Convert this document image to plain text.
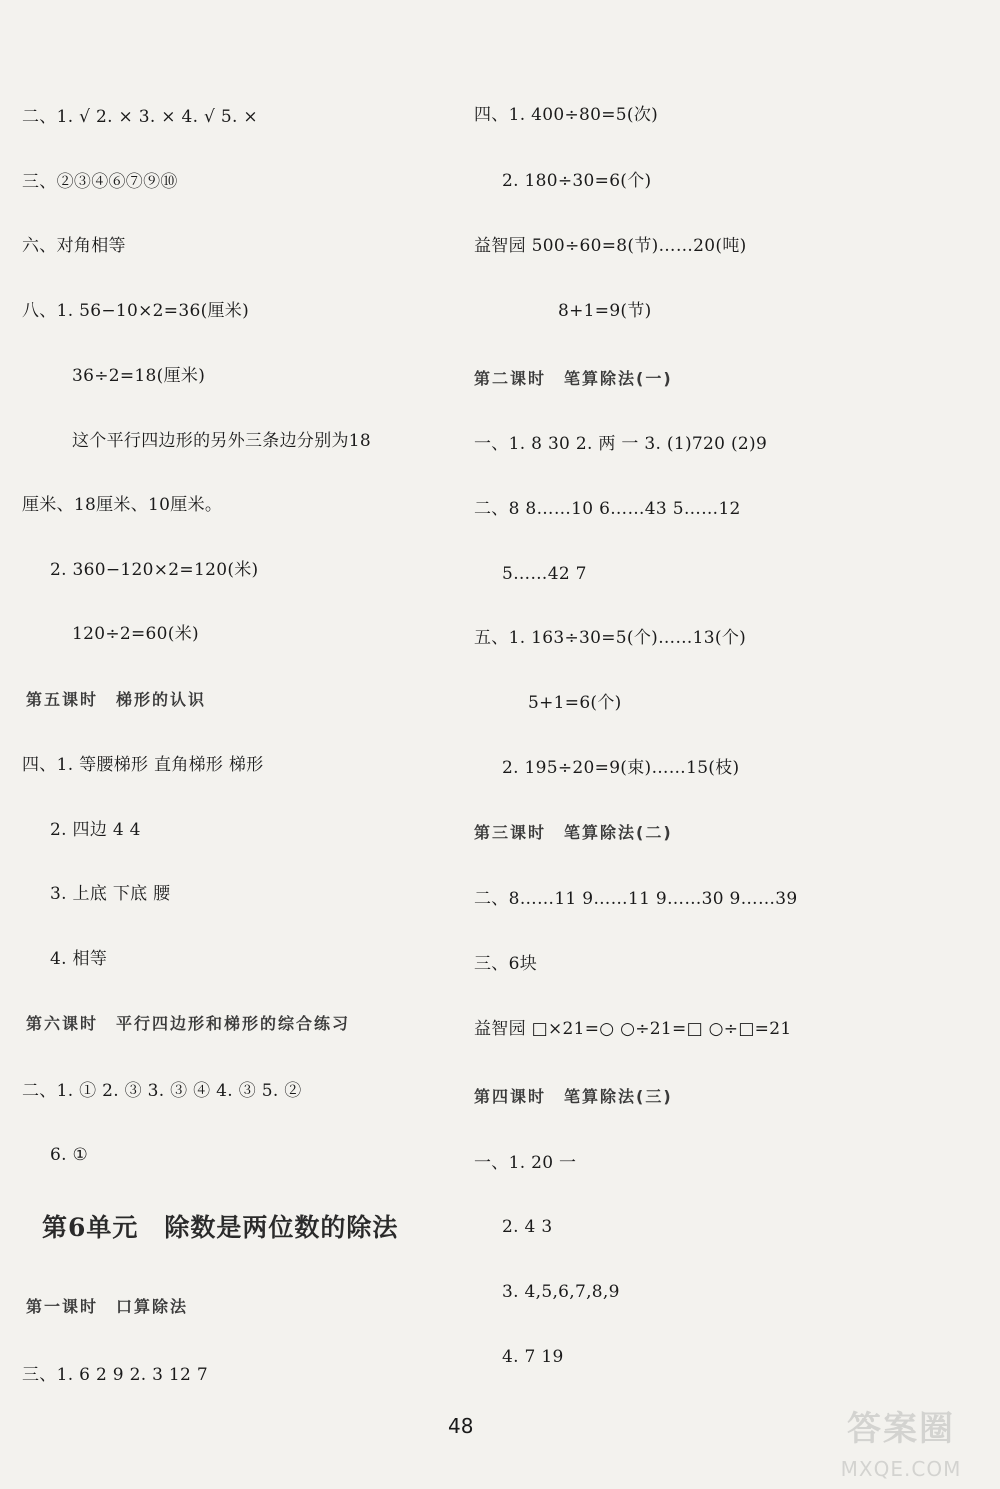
二、1. √ 2. × 3. × 4. √ 5. ×
三、②③④⑥⑦⑨⑩
六、对角相等
八、1. 56−10×2=36(厘米)
36÷2=18(厘米)
这个平行四边形的另外三条边分别为18
厘米、18厘米、10厘米。
2. 360−120×2=120(米)
120÷2=60(米)
第五课时　梯形的认识
四、1. 等腰梯形 直角梯形 梯形
2. 四边 4 4
3. 上底 下底 腰
4. 相等
第六课时　平行四边形和梯形的综合练习
二、1. ① 2. ③ 3. ③ ④ 4. ③ 5. ②
6. ①
第6单元　除数是两位数的除法
第一课时　口算除法
三、1. 6 2 9 2. 3 12 7
四、1. 400÷80=5(次)
2. 180÷30=6(个)
益智园 500÷60=8(节)……20(吨)
8+1=9(节)
第二课时　笔算除法(一)
一、1. 8 30 2. 两 一 3. (1)720 (2)9
二、8 8……10 6……43 5……12
5……42 7
五、1. 163÷30=5(个)……13(个)
5+1=6(个)
2. 195÷20=9(束)……15(枝)
第三课时　笔算除法(二)
二、8……11 9……11 9……30 9……39
三、6块
益智园 □×21=○ ○÷21=□ ○÷□=21
第四课时　笔算除法(三)
一、1. 20 一
2. 4 3
3. 4,5,6,7,8,9
4. 7 19
48	答案圈
MXQE.COM
